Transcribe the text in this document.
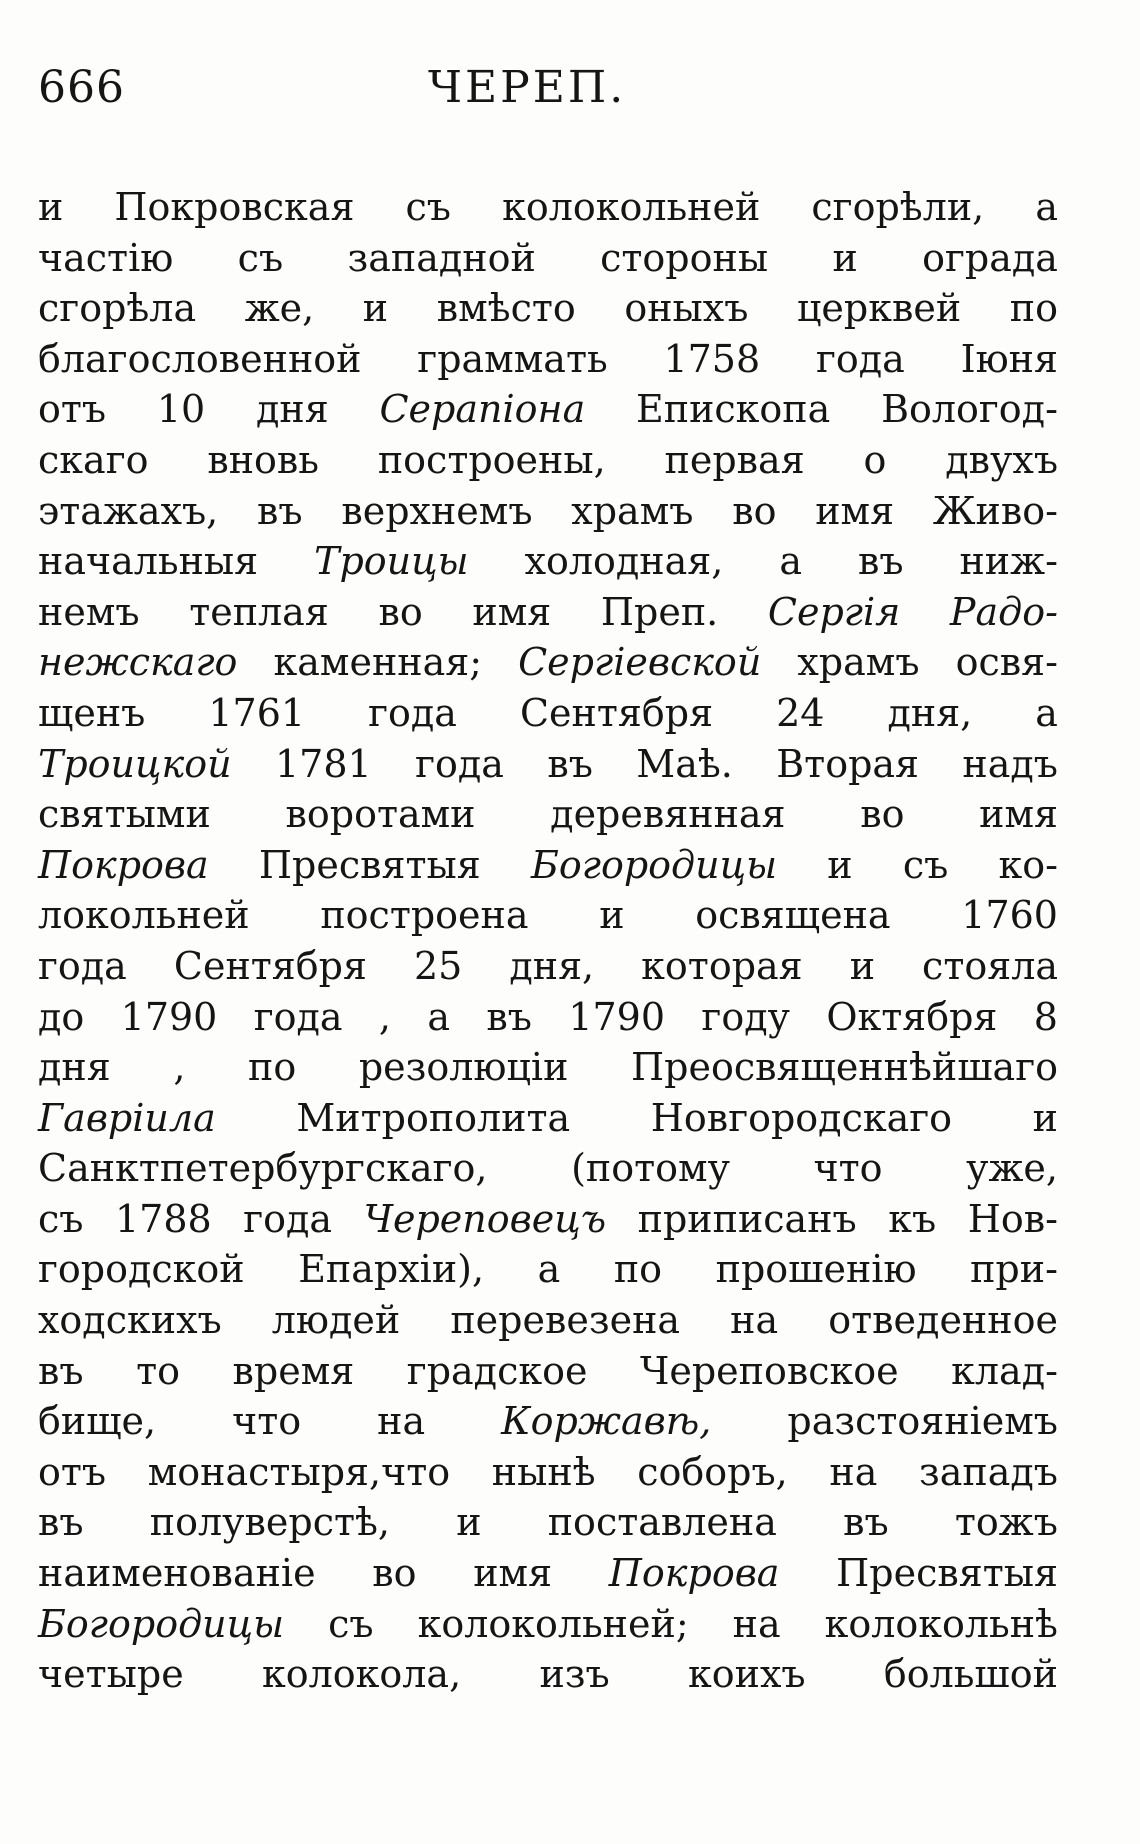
666	ЧЕРЕП.
и Покровская съ колокольней сгорѣли, а
частію съ западной стороны и ограда
сгорѣла же, и вмѣсто оныхъ церквей по
благословенной граммать 1758 года Іюня
отъ 10 дня Серапіона Епископа Вологод-
скаго вновь построены, первая о двухъ
этажахъ, въ верхнемъ храмъ во имя Живо-
начальныя Троицы холодная, а въ ниж-
немъ теплая во имя Преп. Сергія Радо-
нежскаго каменная; Сергіевской храмъ освя-
щенъ 1761 года Сентября 24 дня, а
Троицкой 1781 года въ Маѣ. Вторая надъ
святыми воротами деревянная во имя
Покрова Пресвятыя Богородицы и съ ко-
локольней построена и освящена 1760
года Сентября 25 дня, которая и стояла
до 1790 года , а въ 1790 году Октября 8
дня , по резолюціи Преосвященнѣйшаго
Гавріила Митрополита Новгородскаго и
Санктпетербургскаго, (потому что уже,
съ 1788 года Череповецъ приписанъ къ Нов-
городской Епархіи), а по прошенію при-
ходскихъ людей перевезена на отведенное
въ то время градское Череповское клад-
бище, что на Коржавѣ, разстояніемъ
отъ монастыря,что нынѣ соборъ, на западъ
въ полуверстѣ, и поставлена въ тожъ
наименованіе во имя Покрова Пресвятыя
Богородицы съ колокольней; на колокольнѣ
четыре колокола, изъ коихъ большой
